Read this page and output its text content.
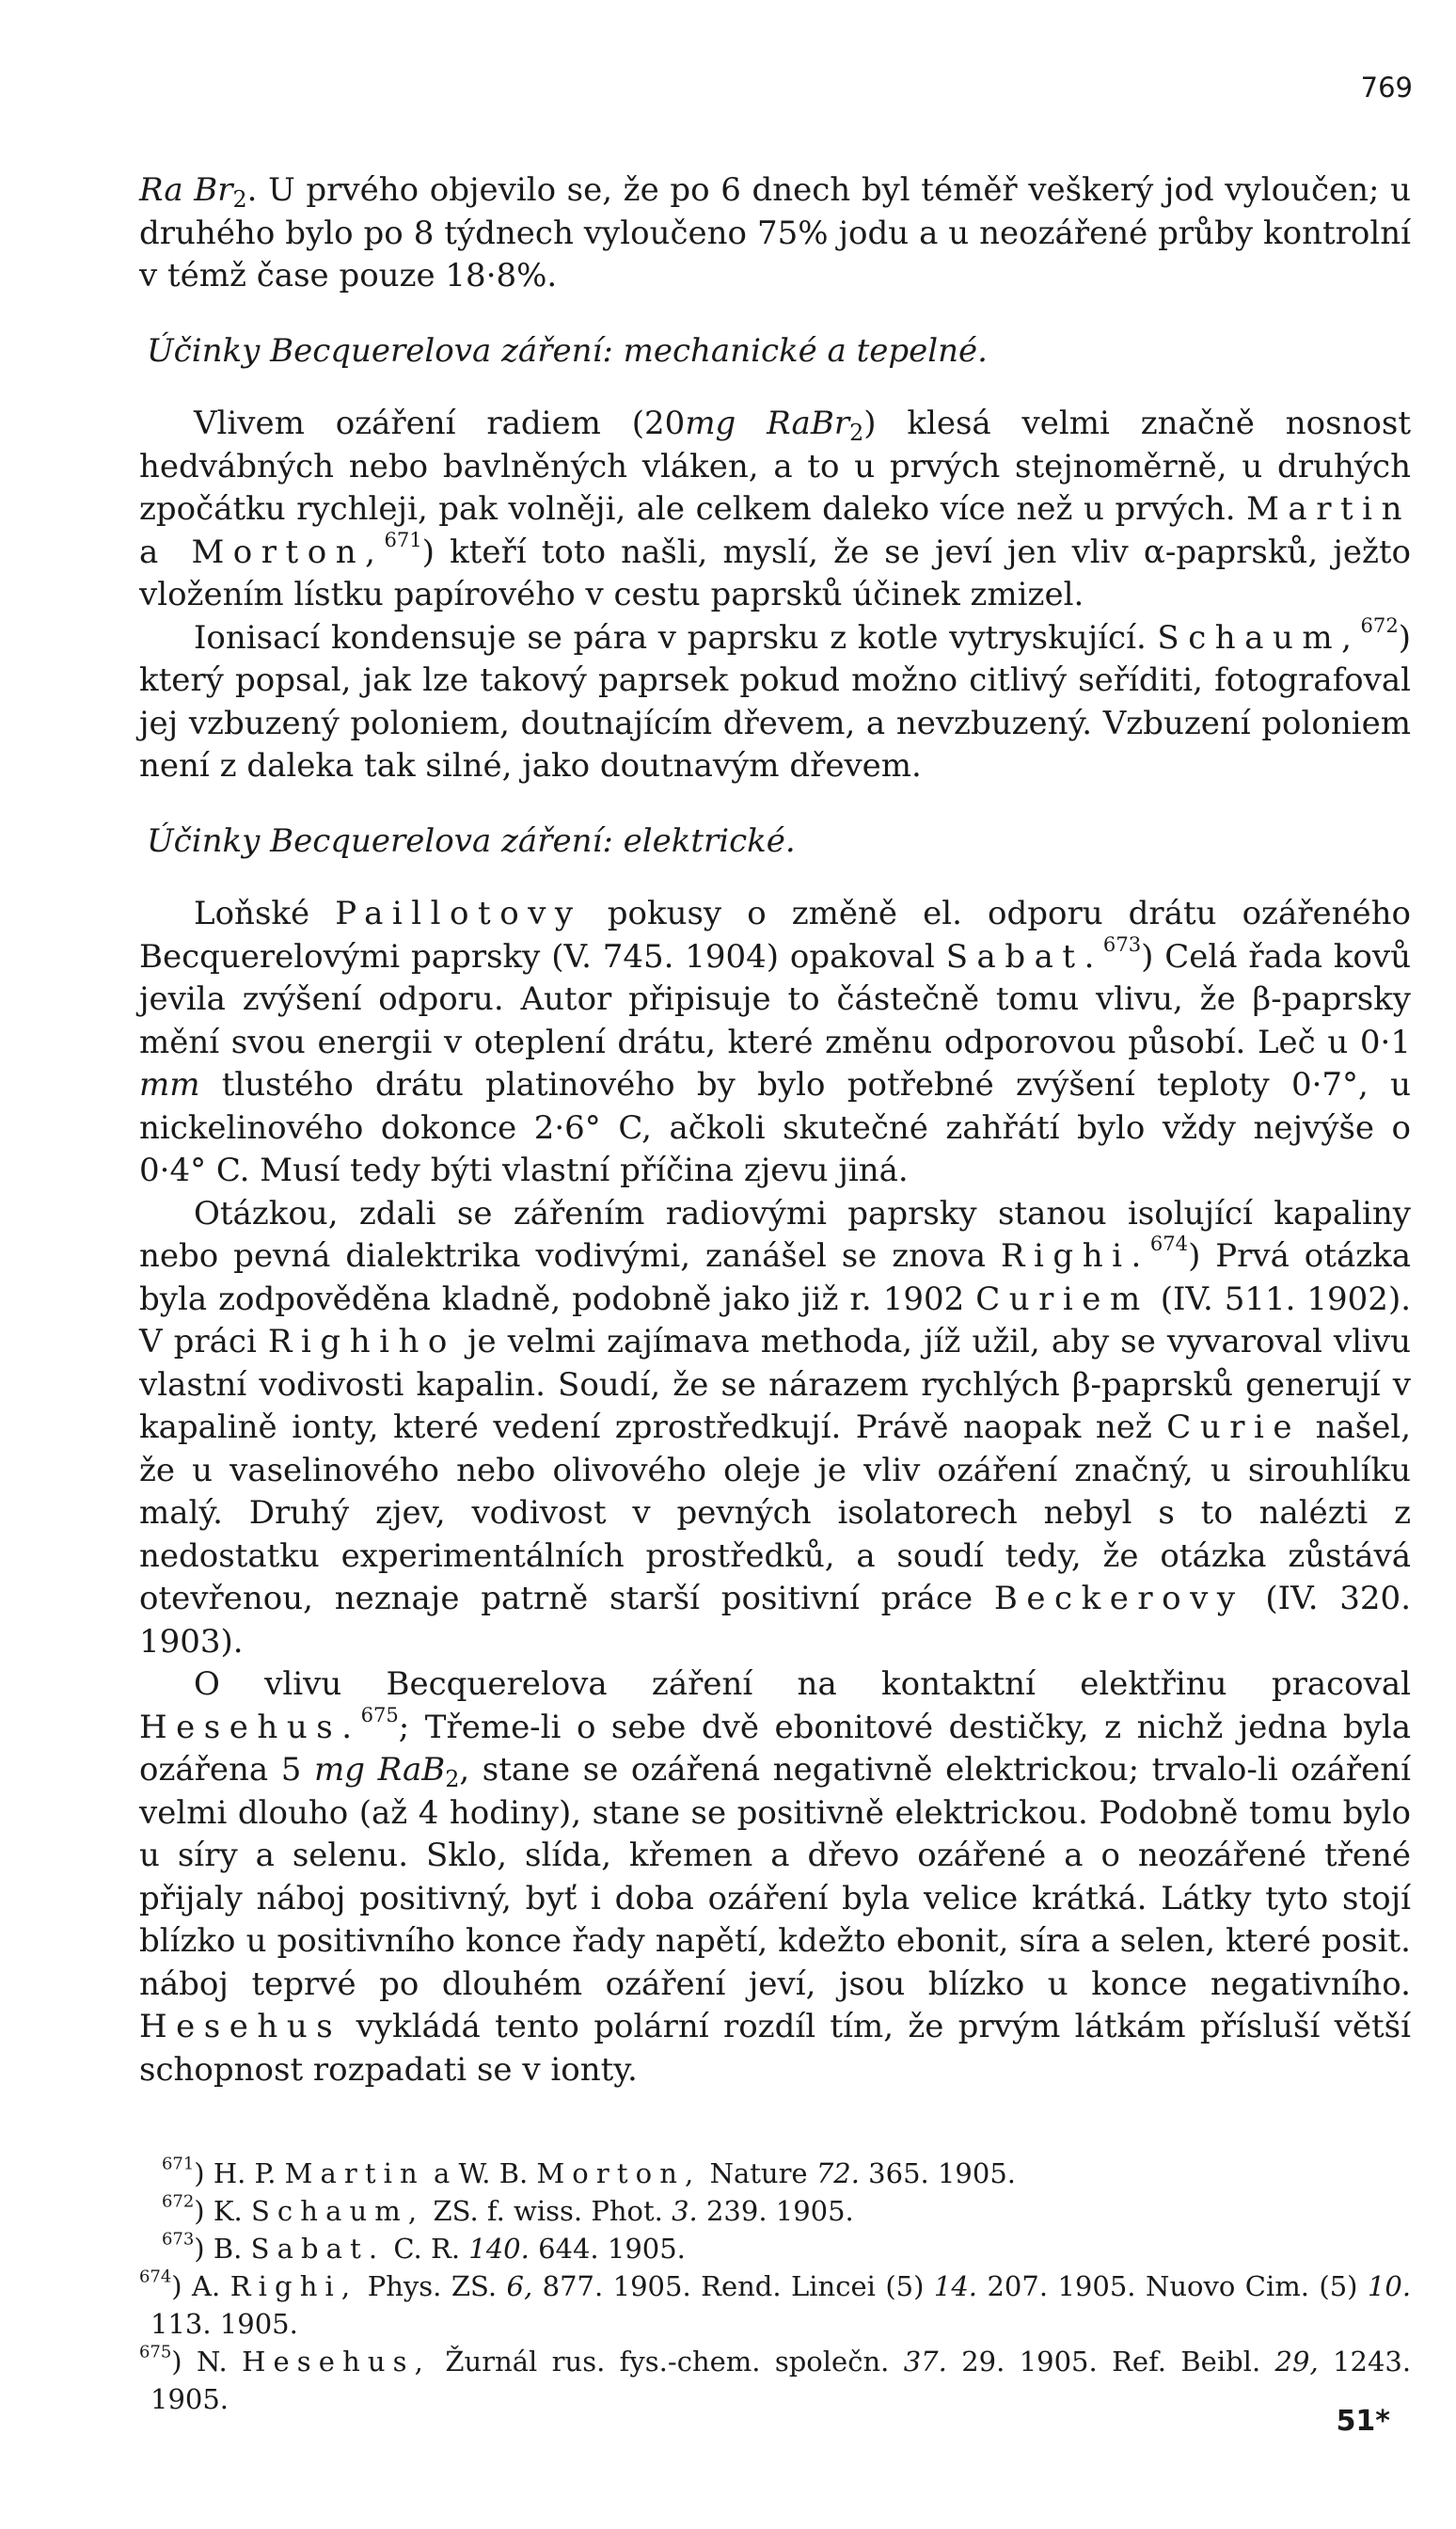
769

Ra $Br_2$. U prvého objevilo se, že po 6 dnech byl téměř veškerý jod vyloučen; u druhého bylo po 8 týdnech vyloučeno 75% jodu a u neozářené průby kontrolní v témž čase pouze 18·8%.

Účinky Becquerelova záření: mechanické a tepelné.

Vlivem ozáření radiem (20mg RaBr$_2$) klesá velmi značně nosnost hedvábných nebo bavlněných vláken, a to u prvých stejnoměrně, u druhých zpočátku rychleji, pak volněji, ale celkem daleko více než u prvých. Martin a Morton,$^{671}$) kteří toto našli, myslí, že se jeví jen vliv α-paprsků, ježto vložením lístku papírového v cestu paprsků účinek zmizel.

Ionisací kondensuje se pára v paprsku z kotle vytryskující. Schaum,$^{672}$) který popsal, jak lze takový paprsek pokud možno citlivý seříditi, fotografoval jej vzbuzený poloniem, doutnajícím dřevem, a nevzbuzený. Vzbuzení poloniem není z daleka tak silné, jako doutnavým dřevem.

Účinky Becquerelova záření: elektrické.

Loňské Paillotovy pokusy o změně el. odporu drátu ozářeného Becquerelovými paprsky (V. 745. 1904) opakoval Sabat.$^{673}$) Celá řada kovů jevila zvýšení odporu. Autor připisuje to částečně tomu vlivu, že β-paprsky mění svou energii v oteplení drátu, které změnu odporovou působí. Leč u 0·1 mm tlustého drátu platinového by bylo potřebné zvýšení teploty 0·7°, u nickelinového dokonce 2·6° C, ačkoli skutečné zahřátí bylo vždy nejvýše o 0·4° C. Musí tedy býti vlastní příčina zjevu jiná.

Otázkou, zdali se zářením radiovými paprsky stanou isolující kapaliny nebo pevná dialektrika vodivými, zanášel se znova Righi.$^{674}$) Prvá otázka byla zodpověděna kladně, podobně jako již r. 1902 Curiem (IV. 511. 1902). V práci Righiho je velmi zajímava methoda, jíž užil, aby se vyvaroval vlivu vlastní vodivosti kapalin. Soudí, že se nárazem rychlých β-paprsků generují v kapalině ionty, které vedení zprostředkují. Právě naopak než Curie našel, že u vaselinového nebo olivového oleje je vliv ozáření značný, u sirouhlíku malý. Druhý zjev, vodivost v pevných isolatorech nebyl s to nalézti z nedostatku experimentálních prostředků, a soudí tedy, že otázka zůstává otevřenou, neznaje patrně starší positivní práce Beckerovy (IV. 320. 1903).

O vlivu Becquerelova záření na kontaktní elektřinu pracoval Hesehus.$^{675}$; Třeme-li o sebe dvě ebonitové destičky, z nichž jedna byla ozářena 5 mg RaB$_2$, stane se ozářená negativně elektrickou; trvalo-li ozáření velmi dlouho (až 4 hodiny), stane se positivně elektrickou. Podobně tomu bylo u síry a selenu. Sklo, slída, křemen a dřevo ozářené a o neozářené třené přijaly náboj positivný, byť i doba ozáření byla velice krátká. Látky tyto stojí blízko u positivního konce řady napětí, kdežto ebonit, síra a selen, které posit. náboj teprvé po dlouhém ozáření jeví, jsou blízko u konce negativního. Hesehus vykládá tento polární rozdíl tím, že prvým látkám přísluší větší schopnost rozpadati se v ionty.

$^{671}$) H. P. Martin a W. B. Morton, Nature 72. 365. 1905.

$^{672}$) K. Schaum, ZS. f. wiss. Phot. 3. 239. 1905.

$^{673}$) B. Sabat. C. R. 140. 644. 1905.

$^{674}$) A. Righi, Phys. ZS. 6, 877. 1905. Rend. Lincei (5) 14. 207. 1905. Nuovo Cim. (5) 10. 113. 1905.

$^{675}$) N. Hesehus, Žurnál rus. fys.-chem. společn. 37. 29. 1905. Ref. Beibl. 29, 1243. 1905.

51*
